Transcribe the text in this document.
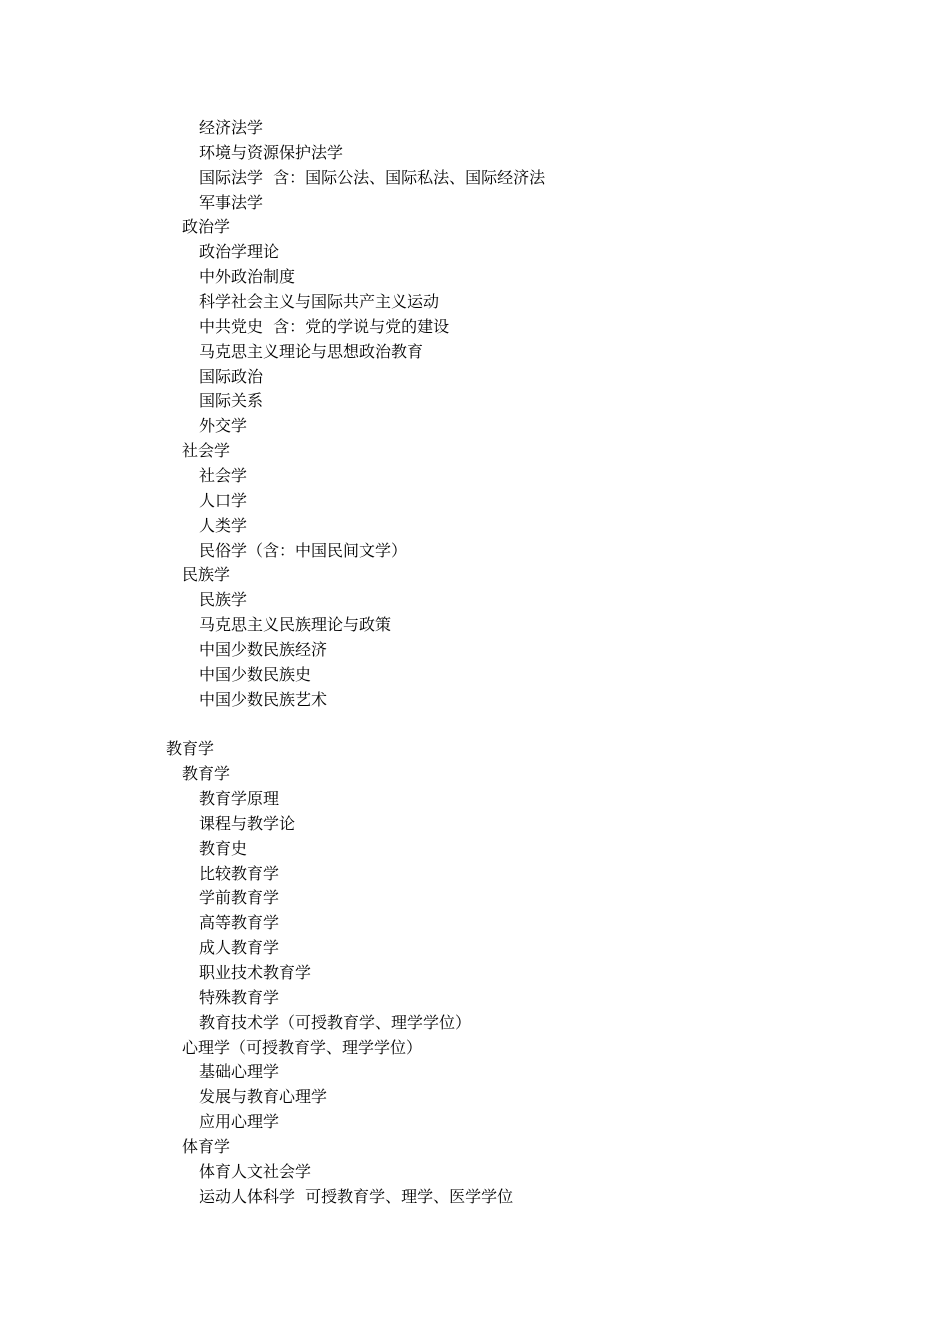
经济法学
环境与资源保护法学
国际法学  含：国际公法、国际私法、国际经济法
军事法学
政治学
政治学理论
中外政治制度
科学社会主义与国际共产主义运动
中共党史  含：党的学说与党的建设
马克思主义理论与思想政治教育
国际政治
国际关系
外交学
社会学
社会学
人口学
人类学
民俗学（含：中国民间文学）
民族学
民族学
马克思主义民族理论与政策
中国少数民族经济
中国少数民族史
中国少数民族艺术
教育学
教育学
教育学原理
课程与教学论
教育史
比较教育学
学前教育学
高等教育学
成人教育学
职业技术教育学
特殊教育学
教育技术学（可授教育学、理学学位）
心理学（可授教育学、理学学位）
基础心理学
发展与教育心理学
应用心理学
体育学
体育人文社会学
运动人体科学  可授教育学、理学、医学学位
